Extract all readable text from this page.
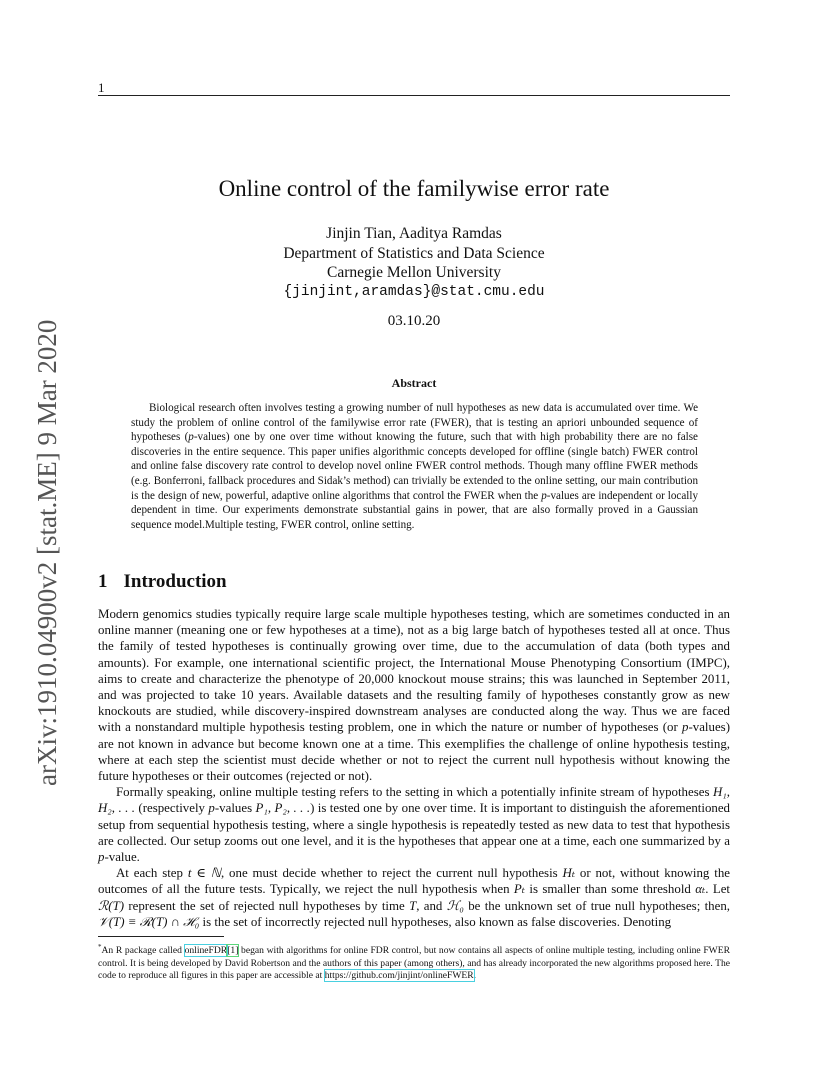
1
arXiv:1910.04900v2 [stat.ME] 9 Mar 2020
Online control of the familywise error rate
Jinjin Tian, Aaditya Ramdas
Department of Statistics and Data Science
Carnegie Mellon University
{jinjint,aramdas}@stat.cmu.edu
03.10.20
Abstract
Biological research often involves testing a growing number of null hypotheses as new data is accumulated over time. We study the problem of online control of the familywise error rate (FWER), that is testing an apriori unbounded sequence of hypotheses (p-values) one by one over time without knowing the future, such that with high probability there are no false discoveries in the entire sequence. This paper unifies algorithmic concepts developed for offline (single batch) FWER control and online false discovery rate control to develop novel online FWER control methods. Though many offline FWER methods (e.g. Bonferroni, fallback procedures and Sidak’s method) can trivially be extended to the online setting, our main contribution is the design of new, powerful, adaptive online algorithms that control the FWER when the p-values are independent or locally dependent in time. Our experiments demonstrate substantial gains in power, that are also formally proved in a Gaussian sequence model.Multiple testing, FWER control, online setting.
1 Introduction

Modern genomics studies typically require large scale multiple hypotheses testing, which are sometimes conducted in an online manner (meaning one or few hypotheses at a time), not as a big large batch of hypotheses tested all at once. Thus the family of tested hypotheses is continually growing over time, due to the accumulation of data (both types and amounts). For example, one international scientific project, the International Mouse Phenotyping Consortium (IMPC), aims to create and characterize the phenotype of 20,000 knockout mouse strains; this was launched in September 2011, and was projected to take 10 years. Available datasets and the resulting family of hypotheses constantly grow as new knockouts are studied, while discovery-inspired downstream analyses are conducted along the way. Thus we are faced with a nonstandard multiple hypothesis testing problem, one in which the nature or number of hypotheses (or p-values) are not known in advance but become known one at a time. This exemplifies the challenge of online hypothesis testing, where at each step the scientist must decide whether or not to reject the current null hypothesis without knowing the future hypotheses or their outcomes (rejected or not).

Formally speaking, online multiple testing refers to the setting in which a potentially infinite stream of hypotheses H₁, H₂, . . . (respectively p-values P₁, P₂, . . .) is tested one by one over time. It is important to distinguish the aforementioned setup from sequential hypothesis testing, where a single hypothesis is repeatedly tested as new data to test that hypothesis are collected. Our setup zooms out one level, and it is the hypotheses that appear one at a time, each one summarized by a p-value.

At each step t ∈ ℕ, one must decide whether to reject the current null hypothesis Hₜ or not, without knowing the outcomes of all the future tests. Typically, we reject the null hypothesis when Pₜ is smaller than some threshold αₜ. Let ℛ(T) represent the set of rejected null hypotheses by time T, and ℋ₀ be the unknown set of true null hypotheses; then, 𝒱(T) ≡ ℛ(T) ∩ ℋ₀ is the set of incorrectly rejected null hypotheses, also known as false discoveries. Denoting

*An R package called onlineFDR[1] began with algorithms for online FDR control, but now contains all aspects of online multiple testing, including online FWER control. It is being developed by David Robertson and the authors of this paper (among others), and has already incorporated the new algorithms proposed here. The code to reproduce all figures in this paper are accessible at https://github.com/jinjint/onlineFWER.
